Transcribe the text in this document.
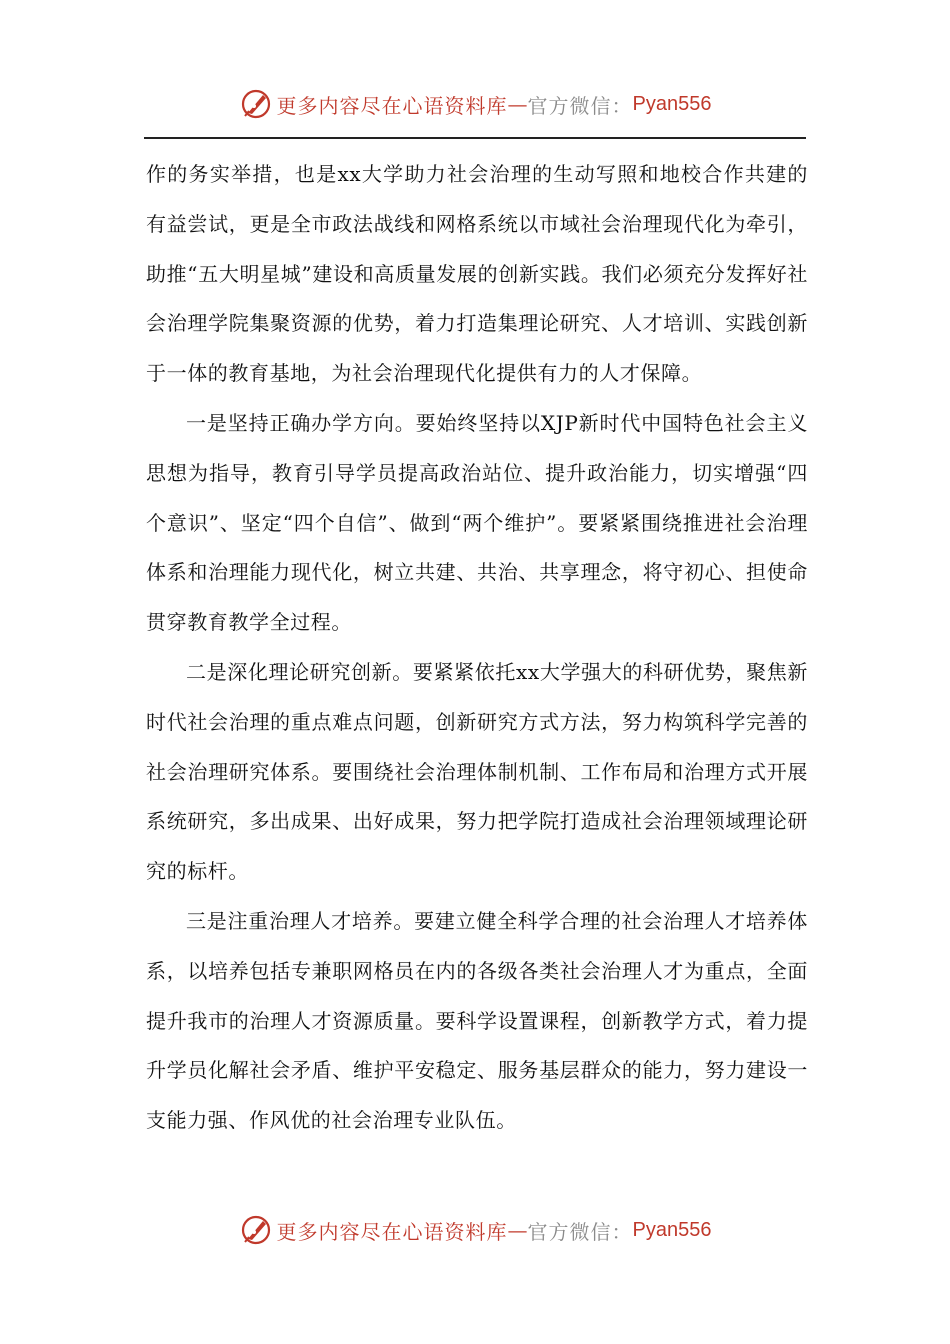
更多内容尽在心语资料库 — 官方微信： Pyan556

作的务实举措，也是xx大学助力社会治理的生动写照和地校合作共建的有益尝试，更是全市政法战线和网格系统以市域社会治理现代化为牵引，助推“五大明星城”建设和高质量发展的创新实践。我们必须充分发挥好社会治理学院集聚资源的优势，着力打造集理论研究、人才培训、实践创新于一体的教育基地，为社会治理现代化提供有力的人才保障。

一是坚持正确办学方向。要始终坚持以XJP新时代中国特色社会主义思想为指导，教育引导学员提高政治站位、提升政治能力，切实增强“四个意识”、坚定“四个自信”、做到“两个维护”。要紧紧围绕推进社会治理体系和治理能力现代化，树立共建、共治、共享理念，将守初心、担使命贯穿教育教学全过程。

二是深化理论研究创新。要紧紧依托xx大学强大的科研优势，聚焦新时代社会治理的重点难点问题，创新研究方式方法，努力构筑科学完善的社会治理研究体系。要围绕社会治理体制机制、工作布局和治理方式开展系统研究，多出成果、出好成果，努力把学院打造成社会治理领域理论研究的标杆。

三是注重治理人才培养。要建立健全科学合理的社会治理人才培养体系，以培养包括专兼职网格员在内的各级各类社会治理人才为重点，全面提升我市的治理人才资源质量。要科学设置课程，创新教学方式，着力提升学员化解社会矛盾、维护平安稳定、服务基层群众的能力，努力建设一支能力强、作风优的社会治理专业队伍。

更多内容尽在心语资料库 — 官方微信： Pyan556
